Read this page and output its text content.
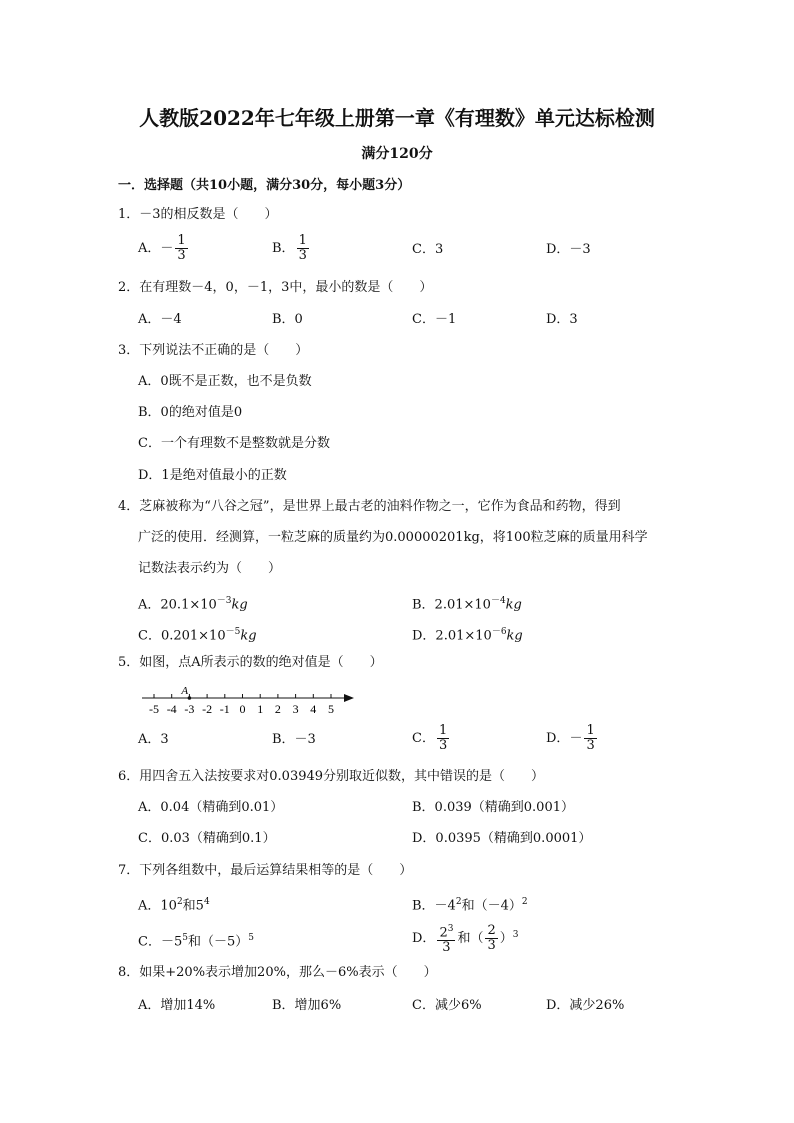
人教版2022年七年级上册第一章《有理数》单元达标检测
满分120分
一．选择题（共10小题，满分30分，每小题3分）
1．－3的相反数是（　　）
A．－ $\frac{1}{3}$	B． $\frac{1}{3}$	C．3	D．－3
2．在有理数－4，0，－1，3中，最小的数是（　　）
A．－4	B．0	C．－1	D．3
3．下列说法不正确的是（　　）
A．0既不是正数，也不是负数
B．0的绝对值是0
C．一个有理数不是整数就是分数
D．1是绝对值最小的正数
4．芝麻被称为“八谷之冠”，是世界上最古老的油料作物之一，它作为食品和药物，得到
广泛的使用．经测算，一粒芝麻的质量约为0.00000201kg，将100粒芝麻的质量用科学
记数法表示约为（　　）
A．$20.1\times 10^{-3}kg$	B．$2.01\times 10^{-4}kg$
C．$0.201\times 10^{-5}kg$	D．$2.01\times 10^{-6}kg$
5．如图，点A所表示的数的绝对值是（　　）
-5 -4 -3 -2 -1 0 1 2 3 4 5
A
A．3	B．－3	C． $\frac{1}{3}$	D．－ $\frac{1}{3}$
6．用四舍五入法按要求对0.03949分别取近似数，其中错误的是（　　）
A．0.04（精确到0.01）	B．0.039（精确到0.001）
C．0.03（精确到0.1）	D．0.0395（精确到0.0001）
7．下列各组数中，最后运算结果相等的是（　　）
A．$10^2$和$5^4$	B．$-4^2$和$(-4)^2$
C．$-5^5$和$(-5)^5$	D． $\frac{2^3}{3}$ 和（ $\frac{2}{3} )^3$
8．如果+20%表示增加20%，那么－6%表示（　　）
A．增加14%	B．增加6%	C．减少6%	D．减少26%
